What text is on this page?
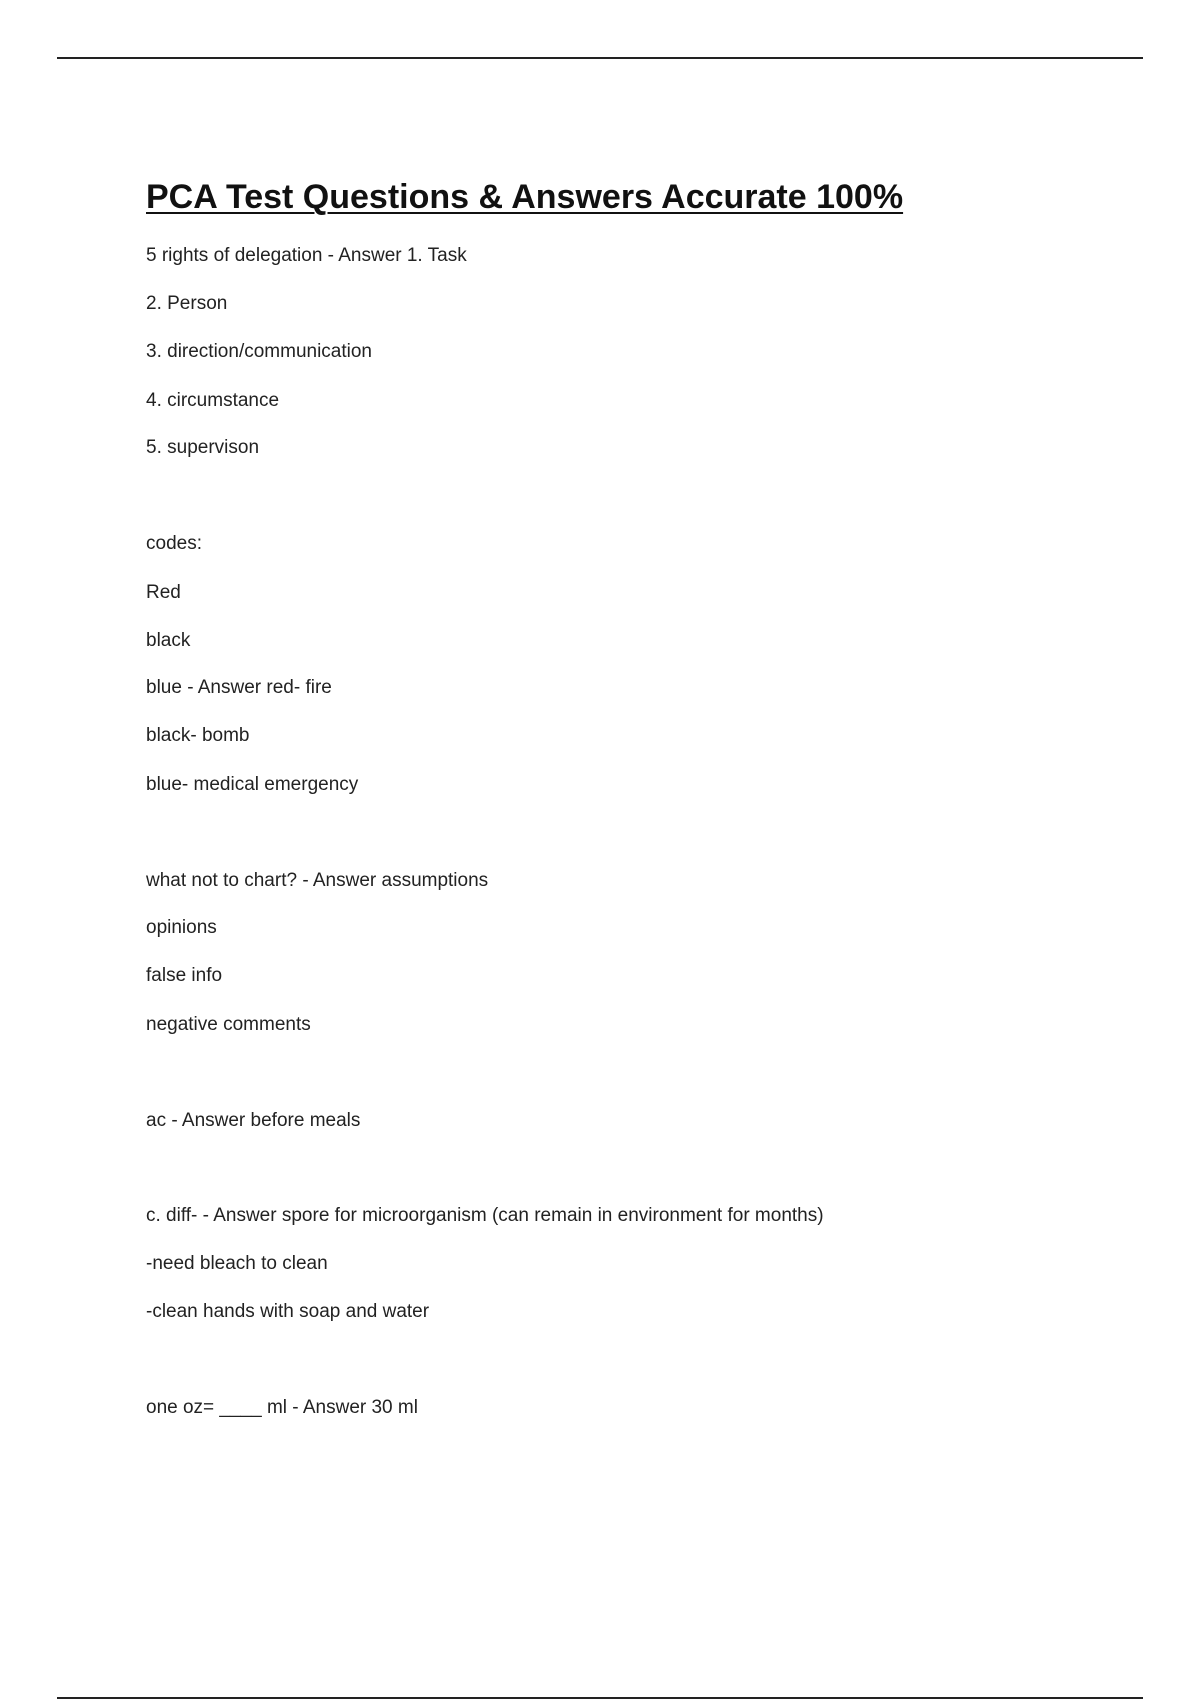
PCA Test Questions & Answers Accurate 100%

5 rights of delegation - Answer 1. Task

2. Person

3. direction/communication

4. circumstance

5. supervison

codes:

Red

black

blue - Answer red- fire

black- bomb

blue- medical emergency

what not to chart? - Answer assumptions

opinions

false info

negative comments

ac - Answer before meals

c. diff- - Answer spore for microorganism (can remain in environment for months)

-need bleach to clean

-clean hands with soap and water

one oz= ____ ml - Answer 30 ml
